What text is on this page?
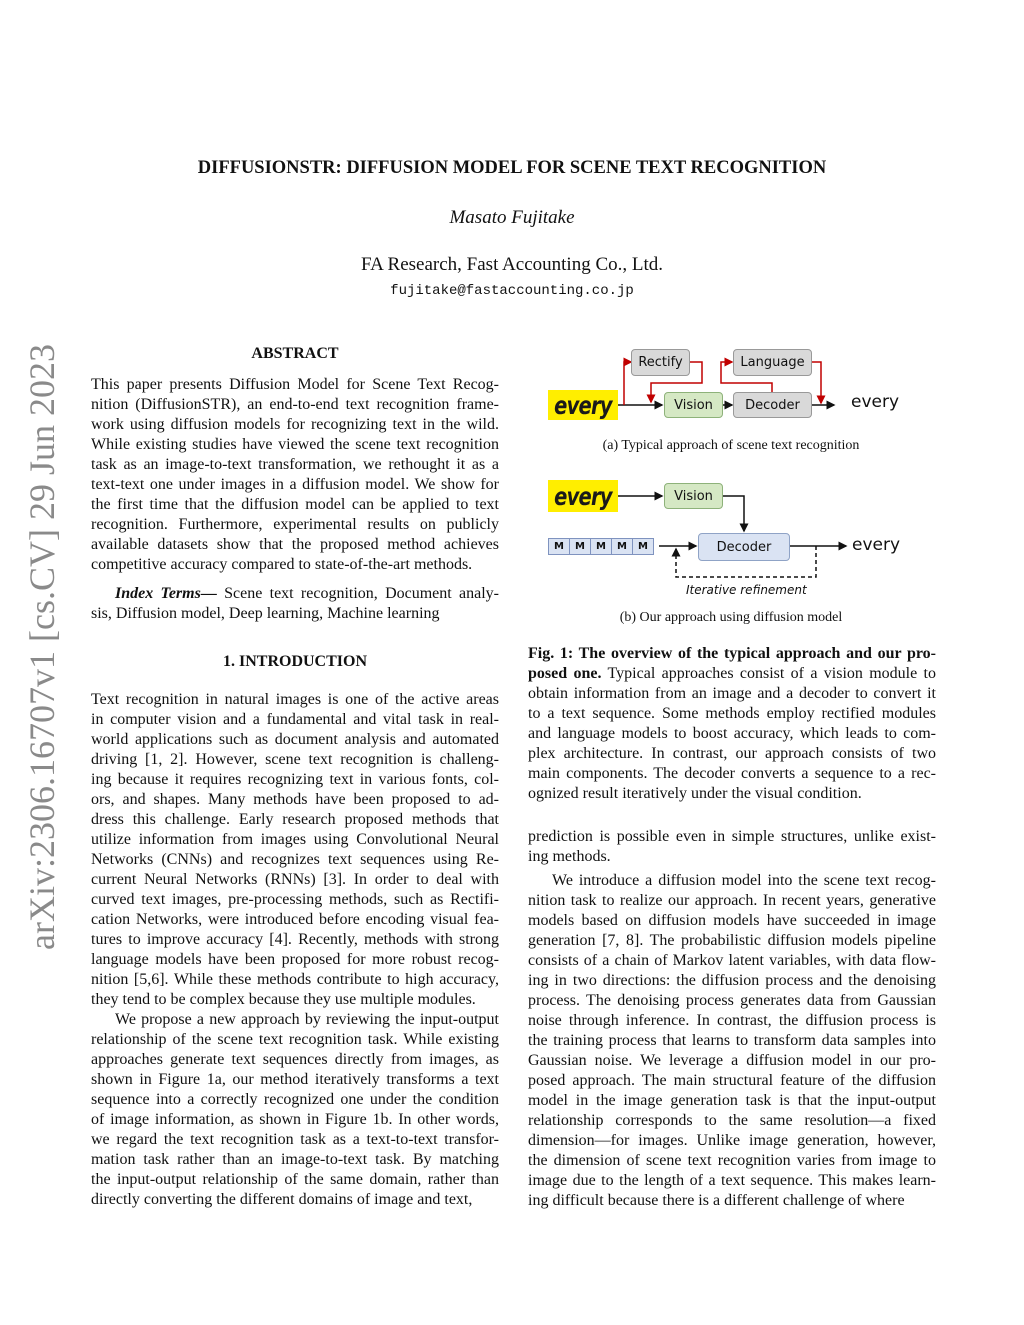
arXiv:2306.16707v1 [cs.CV] 29 Jun 2023
DIFFUSIONSTR: DIFFUSION MODEL FOR SCENE TEXT RECOGNITION
Masato Fujitake
FA Research, Fast Accounting Co., Ltd.
fujitake@fastaccounting.co.jp
ABSTRACT
This paper presents Diffusion Model for Scene Text Recog-
nition (DiffusionSTR), an end-to-end text recognition frame-
work using diffusion models for recognizing text in the wild.
While existing studies have viewed the scene text recognition
task as an image-to-text transformation, we rethought it as a
text-text one under images in a diffusion model. We show for
the first time that the diffusion model can be applied to text
recognition. Furthermore, experimental results on publicly
available datasets show that the proposed method achieves
competitive accuracy compared to state-of-the-art methods.
Index Terms— Scene text recognition, Document analy-
sis, Diffusion model, Deep learning, Machine learning
1. INTRODUCTION
Text recognition in natural images is one of the active areas
in computer vision and a fundamental and vital task in real-
world applications such as document analysis and automated
driving [1, 2]. However, scene text recognition is challeng-
ing because it requires recognizing text in various fonts, col-
ors, and shapes. Many methods have been proposed to ad-
dress this challenge. Early research proposed methods that
utilize information from images using Convolutional Neural
Networks (CNNs) and recognizes text sequences using Re-
current Neural Networks (RNNs) [3]. In order to deal with
curved text images, pre-processing methods, such as Rectifi-
cation Networks, were introduced before encoding visual fea-
tures to improve accuracy [4]. Recently, methods with strong
language models have been proposed for more robust recog-
nition [5,6]. While these methods contribute to high accuracy,
they tend to be complex because they use multiple modules.
We propose a new approach by reviewing the input-output
relationship of the scene text recognition task. While existing
approaches generate text sequences directly from images, as
shown in Figure 1a, our method iteratively transforms a text
sequence into a correctly recognized one under the condition
of image information, as shown in Figure 1b. In other words,
we regard the text recognition task as a text-to-text transfor-
mation task rather than an image-to-text task. By matching
the input-output relationship of the same domain, rather than
directly converting the different domains of image and text,
every
Rectify	Language
Vision	Decoder	every
(a) Typical approach of scene text recognition
every	Vision
M	M	M	M	M	Decoder	every
Iterative refinement
(b) Our approach using diffusion model
Fig. 1: The overview of the typical approach and our pro-
posed one. Typical approaches consist of a vision module to
obtain information from an image and a decoder to convert it
to a text sequence. Some methods employ rectified modules
and language models to boost accuracy, which leads to com-
plex architecture. In contrast, our approach consists of two
main components. The decoder converts a sequence to a rec-
ognized result iteratively under the visual condition.
prediction is possible even in simple structures, unlike exist-
ing methods.
We introduce a diffusion model into the scene text recog-
nition task to realize our approach. In recent years, generative
models based on diffusion models have succeeded in image
generation [7, 8]. The probabilistic diffusion models pipeline
consists of a chain of Markov latent variables, with data flow-
ing in two directions: the diffusion process and the denoising
process. The denoising process generates data from Gaussian
noise through inference. In contrast, the diffusion process is
the training process that learns to transform data samples into
Gaussian noise. We leverage a diffusion model in our pro-
posed approach. The main structural feature of the diffusion
model in the image generation task is that the input-output
relationship corresponds to the same resolution—a fixed
dimension—for images. Unlike image generation, however,
the dimension of scene text recognition varies from image to
image due to the length of a text sequence. This makes learn-
ing difficult because there is a different challenge of where
